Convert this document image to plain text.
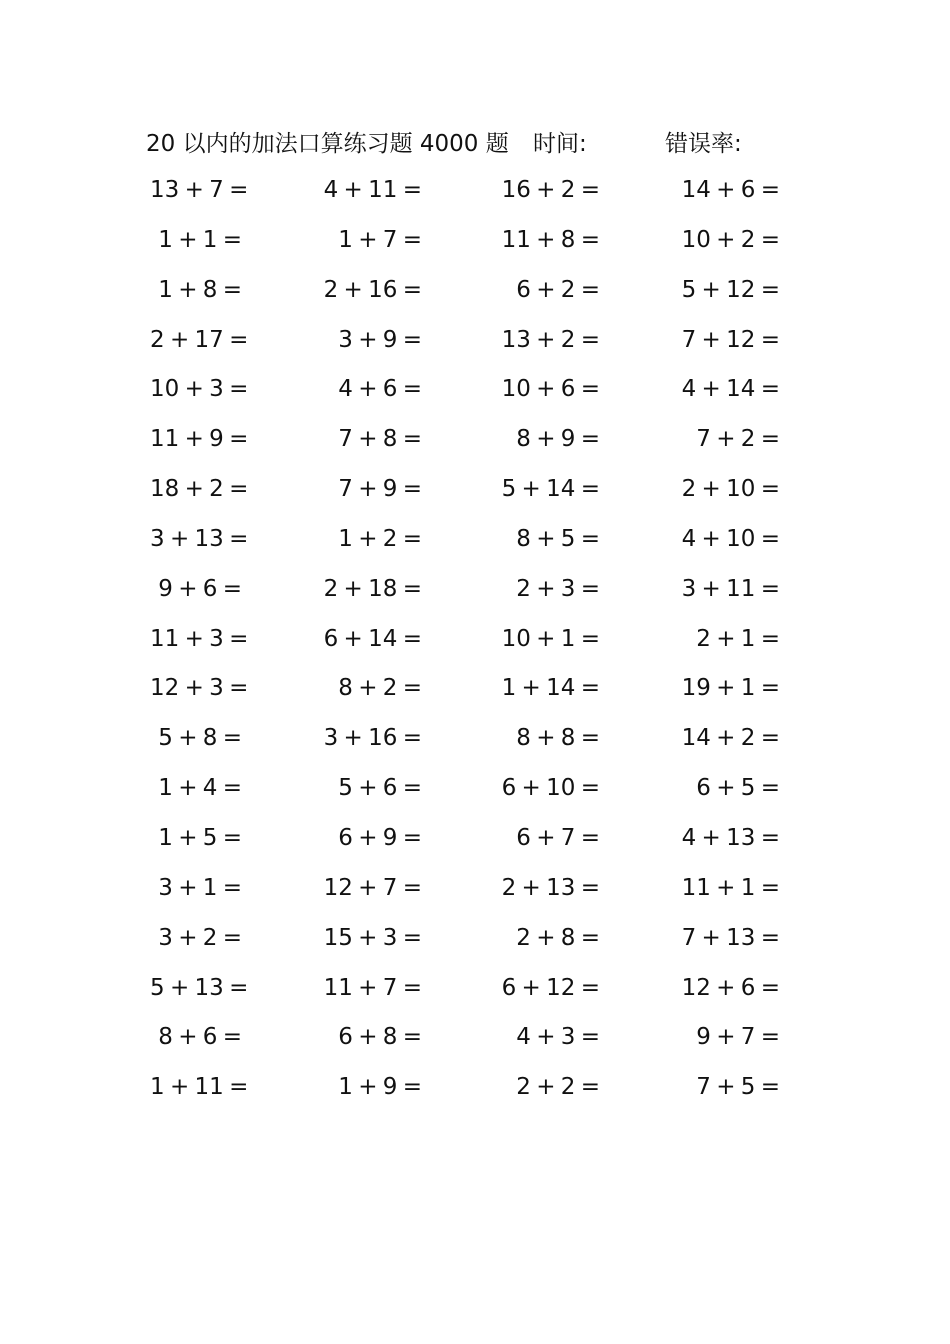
20 以内的加法口算练习题 4000 题 时间:	错误率:
13 + 7 =	4 + 11 =	16 + 2 =	14 + 6 =
1 + 1 =	1 + 7 =	11 + 8 =	10 + 2 =
1 + 8 =	2 + 16 =	6 + 2 =	5 + 12 =
2 + 17 =	3 + 9 =	13 + 2 =	7 + 12 =
10 + 3 =	4 + 6 =	10 + 6 =	4 + 14 =
11 + 9 =	7 + 8 =	8 + 9 =	7 + 2 =
18 + 2 =	7 + 9 =	5 + 14 =	2 + 10 =
3 + 13 =	1 + 2 =	8 + 5 =	4 + 10 =
9 + 6 =	2 + 18 =	2 + 3 =	3 + 11 =
11 + 3 =	6 + 14 =	10 + 1 =	2 + 1 =
12 + 3 =	8 + 2 =	1 + 14 =	19 + 1 =
5 + 8 =	3 + 16 =	8 + 8 =	14 + 2 =
1 + 4 =	5 + 6 =	6 + 10 =	6 + 5 =
1 + 5 =	6 + 9 =	6 + 7 =	4 + 13 =
3 + 1 =	12 + 7 =	2 + 13 =	11 + 1 =
3 + 2 =	15 + 3 =	2 + 8 =	7 + 13 =
5 + 13 =	11 + 7 =	6 + 12 =	12 + 6 =
8 + 6 =	6 + 8 =	4 + 3 =	9 + 7 =
1 + 11 =	1 + 9 =	2 + 2 =	7 + 5 =
